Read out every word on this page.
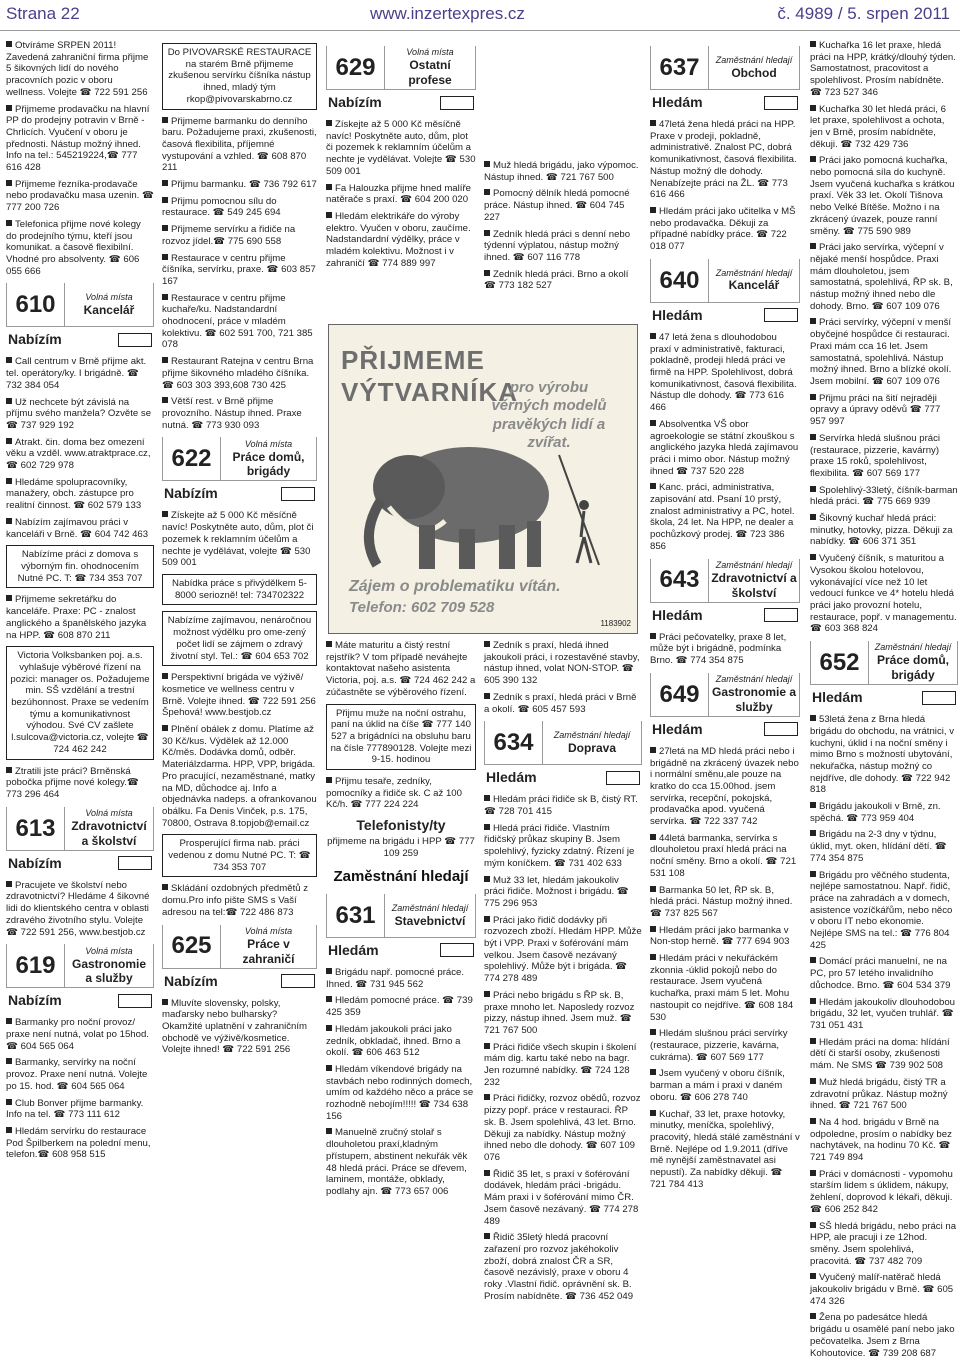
Strana 22	www.inzertexpres.cz	č. 4989 / 5. srpen 2011
Otvíráme SRPEN 2011! Zavedená zahraniční firma přijme 5 šikovných lidí do nového pracovních pozic v oboru wellness. Volejte ☎ 722 591 256
Přijmeme prodavačku na hlavní PP do prodejny potravin v Brně - Chrlicích. Vyučení v oboru je přednosti. Nástup možný ihned. Info na tel.: 545219224,☎ 777 616 428
Přijmeme řezníka-prodavače nebo prodavačku masa uzenin. ☎ 777 200 726
Telefonica přijme nové kolegy do prodejního týmu, kteří jsou komunikat. a časově flexibilní. Vhodné pro absolventy. ☎ 606 055 666
610	Volná místa
Kancelář
Nabízím
Call centrum v Brně přijme akt. tel. operátory/ky. I brigádně. ☎ 732 384 054
Už nechcete být závislá na příjmu svého manžela? Ozvěte se ☎ 737 929 192
Atrakt. čin. doma bez omezení věku a vzděl. www.atraktprace.cz, ☎ 602 729 978
Hledáme spolupracovníky, manažery, obch. zástupce pro realitní činnost. ☎ 602 579 133
Nabízím zajímavou práci v kanceláři v Brně. ☎ 604 742 463
Nabízíme práci z domova s výborným fin. ohodnocením Nutné PC. T: ☎ 734 353 707
Přijmeme sekretářku do kanceláře. Praxe: PC - znalost anglického a španělského jazyka na HPP. ☎ 608 870 211
Victoria Volksbanken poj. a.s. vyhlašuje výběrové řízení na pozici: manager os. Požadujeme min. SŠ vzdělání a trestní bezúhonnost. Praxe se vedením týmu a komunikativnost výhodou. Své CV zašlete l.sulcova@victoria.cz, volejte ☎ 724 462 242
Ztratili jste práci? Brněnská pobočka přijme nové kolegy.☎ 773 296 464
613
Volná místa
Zdravotnictví a školství
Nabízím
Pracujete ve školství nebo zdravotnictví? Hledáme 4 šikovné lidi do klientského centra v oblasti zdravého životního stylu. Volejte ☎ 722 591 256, www.bestjob.cz
619
Volná místa
Gastronomie a služby
Nabízím
Barmanky pro noční provoz/ praxe není nutná, volat po 15hod. ☎ 604 565 064
Barmanky, servírky na noční provoz. Praxe není nutná. Volejte po 15. hod. ☎ 604 565 064
Club Bonver přijme barmanky. Info na tel. ☎ 773 111 612
Hledám servírku do restaurace Pod Špilberkem na polední menu, telefon.☎ 608 958 515
Do PIVOVARSKÉ RESTAURACE na starém Brně přijmeme zkušenou servírku číšníka nástup ihned, mladý tým rkop@pivovarskabrno.cz
Přijmeme barmanku do denního baru. Požadujeme praxi, zkušenosti, časová flexibilita, příjemné vystupování a vzhled. ☎ 608 870 211
Přijmu barmanku. ☎ 736 792 617
Přijmu pomocnou sílu do restaurace. ☎ 549 245 694
Přijmeme servírku a řidiče na rozvoz jídel.☎ 775 690 558
Restaurace v centru přijme číšníka, servírku, praxe. ☎ 603 857 167
Restaurace v centru přijme kuchaře/ku. Nadstandardní ohodnocení, práce v mladém kolektivu. ☎ 602 591 700, 721 385 078
Restaurant Ratejna v centru Brna přijme šikovného mladého číšníka. ☎ 603 303 393,608 730 425
Větší rest. v Brně přijme provozního. Nástup ihned. Praxe nutná. ☎ 773 930 093
622
Volná místa
Práce domů, brigády
Nabízím
Získejte až 5 000 Kč měsíčně navíc! Poskytněte auto, dům, plot či pozemek k reklamním účelům a nechte je vydělávat, volejte ☎ 530 509 001
Nabídka práce s přivýdělkem 5-8000 seriozně! tel: 734702322
Nabízíme zajímavou, nenáročnou možnost výdělku pro ome-zený počet lidí se zájmem o zdravý životní styl. Tel.: ☎ 604 653 702
Perspektivní brigáda ve výživě/ kosmetice ve wellness centru v Brně. Volejte ihned. ☎ 722 591 256 Špehová! www.bestjob.cz
Plnění obálek z domu. Platíme až 30 Kč/kus. Výdělek až 12.000 Kč/měs. Dodávka domů, odběr. Materiálzdarma. HPP, VPP, brigáda. Pro pracující, nezaměstnané, matky na MD, důchodce aj. Info a objednávka nadeps. a ofrankovanou obálku. Fa Denis Vinček, p.s. 175, 70800, Ostrava 8.topjob@email.cz
Prosperující firma nab. práci vedenou z domu Nutné PC. T: ☎ 734 353 707
Skládání ozdobných předmětů z domu.Pro info pište SMS s Vaší adresou na tel:☎ 722 486 873
625
Volná místa
Práce v zahraničí
Nabízím
Mluvíte slovensky, polsky, maďarsky nebo bulharsky? Okamžité uplatnění v zahraničním obchodě ve výživě/kosmetice. Volejte ihned! ☎ 722 591 256
629
Volná místa
Ostatní profese
Nabízím
Získejte až 5 000 Kč měsíčně navíc! Poskytněte auto, dům, plot či pozemek k reklamním účelům a nechte je vydělávat. Volejte ☎ 530 509 001
Fa Halouzka přijme hned malíře natěrače s praxí. ☎ 604 200 020
Hledám elektrikáře do výroby elektro. Vyučen v oboru, zaučíme. Nadstandardní výdělky, práce v mladém kolektivu. Možnost i v zahraničí ☎ 774 889 997
Muž hledá brigádu, jako výpomoc. Nástup ihned. ☎ 721 767 500
Pomocný dělník hledá pomocné práce. Nástup ihned. ☎ 604 745 227
Zedník hledá práci s denní nebo týdenní výplatou, nástup možný ihned. ☎ 607 116 778
Zedník hledá práci. Brno a okolí ☎ 773 182 527
PŘIJMEME VÝTVARNÍKA
pro výrobu věrných modelů pravěkých lidí a zvířat.
Zájem o problematiku vítán.
Telefon: 602 709 528
1183902
Máte maturitu a čistý restní rejstřík? V tom případě neváhejte kontaktovat našeho asistenta Victoria, poj. a.s. ☎ 724 462 242 a zúčastněte se výběrového řízení.
Přijmu muže na noční ostrahu, paní na úklid na číše ☎ 777 140 527 a brigádníci na obsluhu baru na čísle 777890128. Volejte mezi 9-15. hodinou
Přijmu tesaře, zedníky, pomocníky a řidiče sk. C až 100 Kč/h. ☎ 777 224 224
Telefonisty/ty
přijmeme na brigádu i HPP ☎ 777 109 259
Zaměstnání hledají
631	Zaměstnání hledají
Stavebnictví
Hledám
Brigádu např. pomocné práce. Ihned. ☎ 731 945 562
Hledám pomocné práce. ☎ 739 425 359
Hledám jakoukoli práci jako zedník, obkladač, ihned. Brno a okolí. ☎ 606 463 512
Hledám víkendové brigády na stavbách nebo rodinných domech, umím od každého něco a práce se rozhodně nebojím!!!!! ☎ 734 638 156
Manuelně zručný stolař s dlouholetou praxí,kladným přístupem, abstinent nekuřák věk 48 hledá práci. Práce se dřevem, laminem, montáže, obklady, podlahy ajn. ☎ 773 657 006
Zedník s praxí, hledá ihned jakoukoli práci, i rozestavěné stavby, nástup ihned, volat NON-STOP. ☎ 605 390 132
Zedník s praxí, hledá práci v Brně a okolí. ☎ 605 457 593
634	Zaměstnání hledají
Doprava
Hledám
Hledám práci řidiče sk B, čistý RT. ☎ 728 701 415
Hledá práci řidiče. Vlastním řidičský průkaz skupiny B. Jsem spolehlivý, fyzicky zdatný. Řízení je mým koníčkem. ☎ 731 402 633
Muž 33 let, hledám jakoukoliv práci řidiče. Možnost i brigádu. ☎ 775 296 953
Práci jako řidič dodávky při rozvozech zboží. Hledám HPP. Může být i VPP. Praxi v šoférování mám velkou. Jsem časově nezávaný spolehlivý. Může být i brigáda. ☎ 774 278 489
Práci nebo brigádu s ŘP sk. B, praxe mnoho let. Naposledy rozvoz pizzy, nástup ihned. Jsem muž. ☎ 721 767 500
Práci řidiče všech skupin i školení mám dig. kartu také nebo na bagr. Jen rozumné nabídky. ☎ 724 128 232
Práci řidičky, rozvoz obědů, rozvoz pizzy popř. práce v restauraci. ŘP sk. B. Jsem spolehlivá, 43 let. Brno. Děkuji za nabídky. Nástup možný ihned nebo dle dohody. ☎ 607 109 076
Řidič 35 let, s praxí v šoférování dodávek, hledám práci -brigádu. Mám praxi i v šoférování mimo ČR. Jsem časově nezávaný. ☎ 774 278 489
Řidič 35letý hledá pracovní zařazení pro rozvoz jakéhokoliv zboží, dobrá znalost ČR a SR, časově nezávislý, praxe v oboru 4 roky .Vlastní řidič. oprávnění sk. B. Prosím nabídněte. ☎ 736 452 049
637	Zaměstnání hledají
Obchod
Hledám
47letá žena hledá práci na HPP. Praxe v prodeji, pokladně, administrativě. Znalost PC, dobrá komunikativnost, časová flexibilita. Nástup možný dle dohody. Nenabízejte práci na ŽL. ☎ 773 616 466
Hledám práci jako učitelka v MŠ nebo prodavačka. Děkuji za případné nabídky práce. ☎ 722 018 077
640	Zaměstnání hledají
Kancelář
Hledám
47 letá žena s dlouhodobou praxí v administrativě, fakturaci, pokladně, prodeji hledá práci ve firmě na HPP. Spolehlivost, dobrá komunikativnost, časová flexibilita. Nástup dle dohody. ☎ 773 616 466
Absolventka VŠ obor agroekologie se státní zkouškou s anglického jazyka hledá zajímavou práci i mimo obor. Nástup možný ihned ☎ 737 520 228
Kanc. práci, administrativa, zapisování atd. Psaní 10 prstý, znalost administrativy a PC, hotel. škola, 24 let. Na HPP, ne dealer a pochůzkový prodej. ☎ 723 386 856
643
Zaměstnání hledají
Zdravotnictví a školství
Hledám
Práci pečovatelky, praxe 8 let, může být i brigádně, podmínka Brno. ☎ 774 354 875
649
Zaměstnání hledají
Gastronomie a služby
Hledám
27letá na MD hledá práci nebo i brigádně na zkrácený úvazek nebo i normální směnu,ale pouze na kratko do cca 15.00hod. jsem servírka, recepční, pokojská, prodavačka apod. vyučená servírka. ☎ 722 337 742
44letá barmanka, servírka s dlouholetou praxí hledá práci na noční směny. Brno a okolí. ☎ 721 531 108
Barmanka 50 let, ŘP sk. B, hledá práci. Nástup možný ihned. ☎ 737 825 567
Hledám práci jako barmanka v Non-stop herně. ☎ 777 694 903
Hledám práci v nekuřáckém zkonnia -úklid pokojů nebo do restaurace. Jsem vyučená kuchařka, praxi mám 5 let. Mohu nastoupit co nejdříve. ☎ 608 184 530
Hledám slušnou práci servírky (restaurace, pizzerie, kavárna, cukrárna). ☎ 607 569 177
Jsem vyučený v oboru číšník, barman a mám i praxi v daném oboru. ☎ 606 278 740
Kuchař, 33 let, praxe hotovky, minutky, meníčka, spolehlivý, pracovitý, hledá stálé zaměstnání v Brně. Nejlépe od 1.9.2011 (dříve mě nynější zaměstnavatel asi nepustí). Za nabídky děkuji. ☎ 721 784 413
Kuchařka 16 let praxe, hledá práci na HPP, krátký/dlouhý týden. Samostatnost, pracovitost a spolehlivost. Prosím nabídněte. ☎ 723 527 346
Kuchařka 30 let hledá práci, 6 let praxe, spolehlivost a ochota, jen v Brně, prosím nabídněte, děkuji. ☎ 732 429 736
Práci jako pomocná kuchařka, nebo pomocná síla do kuchyně. Jsem vyučená kuchařka s krátkou praxí. Věk 33 let. Okolí Tišnova nebo Velké Bítěše. Možno i na zkrácený úvazek, pouze ranní směny. ☎ 775 590 989
Práci jako servírka, výčepní v nějaké menší hospůdce. Praxi mám dlouholetou, jsem samostatná, spolehlivá, ŘP sk. B, nástup možný ihned nebo dle dohody. Brno. ☎ 607 109 076
Práci servírky, výčepní v menší obyčejné hospůdce či restauraci. Praxi mám cca 16 let. Jsem samostatná, spolehlivá. Nástup možný ihned. Brno a blízké okolí. Jsem mobilní. ☎ 607 109 076
Přijmu práci na šití nejraději opravy a úpravy oděvů ☎ 777 957 997
Servírka hledá slušnou práci (restaurace, pizzerie, kavárny) praxe 15 roků, spolehlivost, flexibilita. ☎ 607 569 177
Spolehlivý-33letý, číšník-barman hledá práci. ☎ 775 669 939
Šikovný kuchař hledá práci: minutky, hotovky, pizza. Děkuji za nabídky. ☎ 606 371 351
Vyučený číšník, s maturitou a Vysokou školou hotelovou, vykonávající více než 10 let vedoucí funkce ve 4* hotelu hledá práci jako provozní hotelu, restaurace, popř. v managementu. ☎ 603 368 824
652
Zaměstnání hledají
Práce domů, brigády
Hledám
53letá žena z Brna hledá brigádu do obchodu, na vrátnici, v kuchyni, úklid i na noční směny i mimo Brno s možností ubytování, nekuřačka, nástup možný co nejdříve, dle dohody. ☎ 722 942 818
Brigádu jakoukoli v Brně, zn. spěchá. ☎ 773 959 404
Brigádu na 2-3 dny v týdnu, úklid, myt. oken, hlídání dětí. ☎ 774 354 875
Brigádu pro věčného studenta, nejlépe samostatnou. Např. řidič, práce na zahradách a v domech, asistence vozíčkářům, nebo něco v oboru IT nebo ekonomie. Nejlépe SMS na tel.: ☎ 776 804 425
Domácí práci manuelní, ne na PC, pro 57 letého invalidního důchodce. Brno. ☎ 604 534 379
Hledám jakoukoliv dlouhodobou brigádu, 32 let, vyučen truhlář. ☎ 731 051 431
Hledám práci na doma: hlídání dětí či starší osoby, zkušenosti mám. Ne SMS ☎ 739 902 508
Muž hledá brigádu, čistý TR a zdravotní průkaz. Nástup možný ihned. ☎ 721 767 500
Na 4 hod. brigádu v Brně na odpoledne, prosím o nabídky bez nachytávek, na hodinu 70 Kč. ☎ 721 749 894
Práci v domácnosti - vypomohu starším lidem s úklidem, nákupy, žehlení, doprovod k lékaři, děkuji. ☎ 606 252 842
SŠ hledá brigádu, nebo práci na HPP, ale pracuji i ze 12hod. směny. Jsem spolehlivá, pracovitá. ☎ 737 482 709
Vyučený malíř-natěrač hledá jakoukoliv brigádu v Brně. ☎ 605 474 326
Žena po padesátce hledá brigádu u osamělé paní nebo jako pečovatelka. Jsem z Brna Kohoutovice. ☎ 739 208 687
